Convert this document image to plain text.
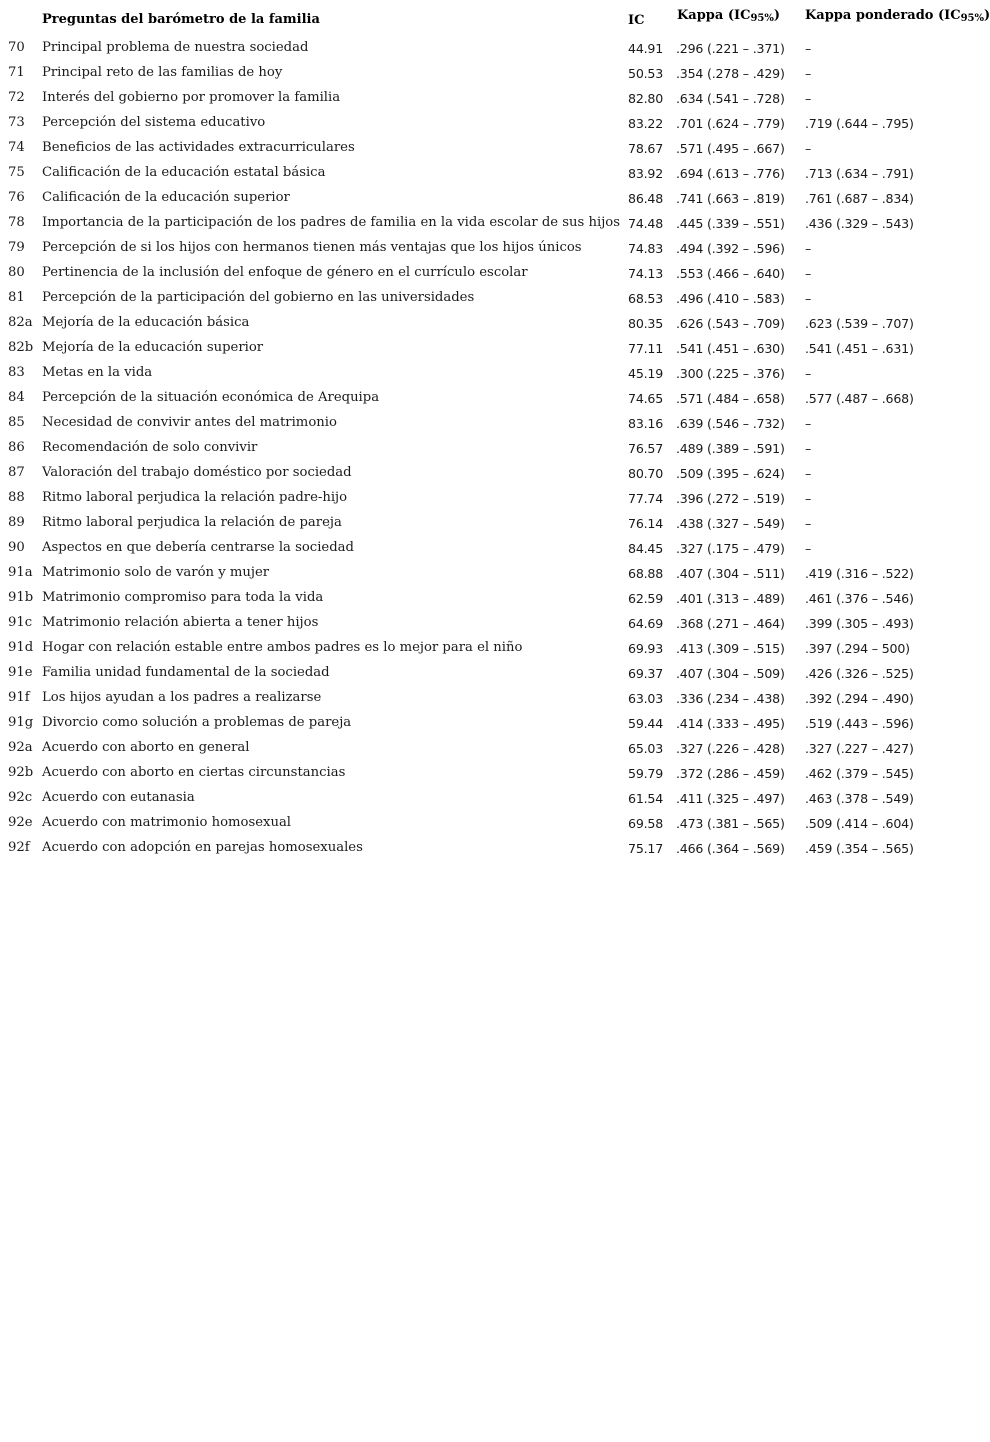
Preguntas del barómetro de la familia	IC	Kappa $(IC_{95\%})$ Kappa ponderado $(IC_{95\%})$
70 Principal problema de nuestra sociedad	44.91 .296 (.221 – .371) –
71 Principal reto de las familias de hoy	50.53 .354 (.278 – .429) –
72 Interés del gobierno por promover la familia	82.80 .634 (.541 – .728) –
73 Percepción del sistema educativo	83.22 .701 (.624 – .779) .719 (.644 – .795)
74 Beneficios de las actividades extracurriculares	78.67 .571 (.495 – .667) –
75 Calificación de la educación estatal básica	83.92 .694 (.613 – .776) .713 (.634 – .791)
76 Calificación de la educación superior	86.48 .741 (.663 – .819) .761 (.687 – .834)
78 Importancia de la participación de los padres de familia en la vida escolar de sus hijos 74.48 .445 (.339 – .551) .436 (.329 – .543)
79 Percepción de si los hijos con hermanos tienen más ventajas que los hijos únicos	74.83 .494 (.392 – .596) –
80 Pertinencia de la inclusión del enfoque de género en el currículo escolar	74.13 .553 (.466 – .640) –
81 Percepción de la participación del gobierno en las universidades	68.53 .496 (.410 – .583) –
82a Mejoría de la educación básica	80.35 .626 (.543 – .709) .623 (.539 – .707)
82b Mejoría de la educación superior	77.11 .541 (.451 – .630) .541 (.451 – .631)
83 Metas en la vida	45.19 .300 (.225 – .376) –
84 Percepción de la situación económica de Arequipa	74.65 .571 (.484 – .658) .577 (.487 – .668)
85 Necesidad de convivir antes del matrimonio	83.16 .639 (.546 – .732) –
86 Recomendación de solo convivir	76.57 .489 (.389 – .591) –
87 Valoración del trabajo doméstico por sociedad	80.70 .509 (.395 – .624) –
88 Ritmo laboral perjudica la relación padre-hijo	77.74 .396 (.272 – .519) –
89 Ritmo laboral perjudica la relación de pareja	76.14 .438 (.327 – .549) –
90 Aspectos en que debería centrarse la sociedad	84.45 .327 (.175 – .479) –
91a Matrimonio solo de varón y mujer	68.88 .407 (.304 – .511) .419 (.316 – .522)
91b Matrimonio compromiso para toda la vida	62.59 .401 (.313 – .489) .461 (.376 – .546)
91c Matrimonio relación abierta a tener hijos	64.69 .368 (.271 – .464) .399 (.305 – .493)
91d Hogar con relación estable entre ambos padres es lo mejor para el niño	69.93 .413 (.309 – .515) .397 (.294 – 500)
91e Familia unidad fundamental de la sociedad	69.37 .407 (.304 – .509) .426 (.326 – .525)
91f Los hijos ayudan a los padres a realizarse	63.03 .336 (.234 – .438) .392 (.294 – .490)
91g Divorcio como solución a problemas de pareja	59.44 .414 (.333 – .495) .519 (.443 – .596)
92a Acuerdo con aborto en general	65.03 .327 (.226 – .428) .327 (.227 – .427)
92b Acuerdo con aborto en ciertas circunstancias	59.79 .372 (.286 – .459) .462 (.379 – .545)
92c Acuerdo con eutanasia	61.54 .411 (.325 – .497) .463 (.378 – .549)
92e Acuerdo con matrimonio homosexual	69.58 .473 (.381 – .565) .509 (.414 – .604)
92f Acuerdo con adopción en parejas homosexuales	75.17 .466 (.364 – .569) .459 (.354 – .565)
